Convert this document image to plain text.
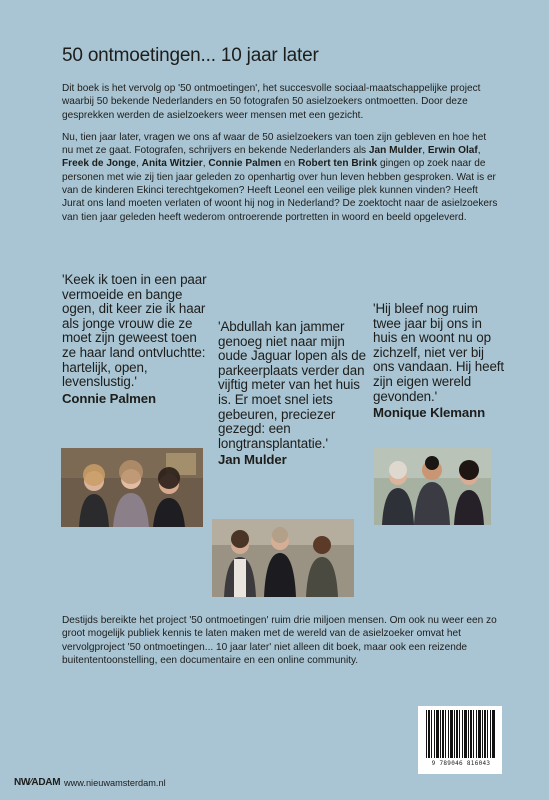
50 ontmoetingen... 10 jaar later

Dit boek is het vervolg op '50 ontmoetingen', het succesvolle sociaal-maatschappelijke project waarbij 50 bekende Nederlanders en 50 fotografen 50 asielzoekers ontmoetten. Door deze gesprekken werden de asielzoekers weer mensen met een gezicht.

Nu, tien jaar later, vragen we ons af waar de 50 asielzoekers van toen zijn gebleven en hoe het nu met ze gaat. Fotografen, schrijvers en bekende Nederlanders als Jan Mulder, Erwin Olaf, Freek de Jonge, Anita Witzier, Connie Palmen en Robert ten Brink gingen op zoek naar de personen met wie zij tien jaar geleden zo openhartig over hun leven hebben gesproken. Wat is er van de kinderen Ekinci terechtgekomen? Heeft Leonel een veilige plek kunnen vinden? Heeft Jurat ons land moeten verlaten of woont hij nog in Nederland? De zoektocht naar de asielzoekers van tien jaar geleden heeft wederom ontroerende portretten in woord en beeld opgeleverd.

'Keek ik toen in een paar vermoeide en bange ogen, dit keer zie ik haar als jonge vrouw die ze moet zijn geweest toen ze haar land ontvluchtte: hartelijk, open, levenslustig.'
Connie Palmen
'Abdullah kan jammer genoeg niet naar mijn oude Jaguar lopen als de parkeerplaats verder dan vijftig meter van het huis is. Er moet snel iets gebeuren, preciezer gezegd: een longtransplantatie.'
Jan Mulder
'Hij bleef nog ruim twee jaar bij ons in huis en woont nu op zichzelf, niet ver bij ons vandaan. Hij heeft zijn eigen wereld gevonden.'
Monique Klemann

Destijds bereikte het project '50 ontmoetingen' ruim drie miljoen mensen. Om ook nu weer een zo groot mogelijk publiek kennis te laten maken met de wereld van de asielzoeker omvat het vervolgproject '50 ontmoetingen... 10 jaar later' niet alleen dit boek, maar ook een reizende buitententoonstelling, een documentaire en een online community.

9 789046 816043
NW⁄ADAM www.nieuwamsterdam.nl
